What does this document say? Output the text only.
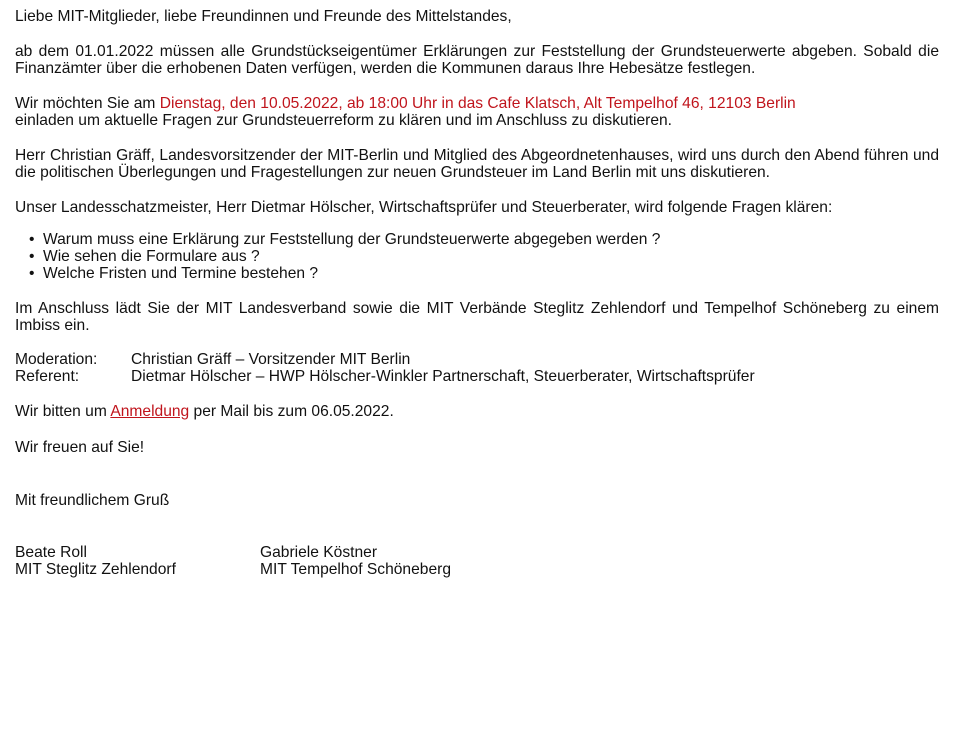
Liebe MIT-Mitglieder, liebe Freundinnen und Freunde des Mittelstandes,

ab dem 01.01.2022 müssen alle Grundstückseigentümer Erklärungen zur Feststellung der Grundsteuerwerte abgeben. Sobald die Finanzämter über die erhobenen Daten verfügen, werden die Kommunen daraus Ihre Hebesätze festlegen.

Wir möchten Sie am Dienstag, den 10.05.2022, ab 18:00 Uhr in das Cafe Klatsch, Alt Tempelhof 46, 12103 Berlin
einladen um aktuelle Fragen zur Grundsteuerreform zu klären und im Anschluss zu diskutieren.

Herr Christian Gräff, Landesvorsitzender der MIT-Berlin und Mitglied des Abgeordnetenhauses, wird uns durch den Abend führen und die politischen Überlegungen und Fragestellungen zur neuen Grundsteuer im Land Berlin mit uns diskutieren.

Unser Landesschatzmeister, Herr Dietmar Hölscher, Wirtschaftsprüfer und Steuerberater, wird folgende Fragen klären:

• Warum muss eine Erklärung zur Feststellung der Grundsteuerwerte abgegeben werden ?
• Wie sehen die Formulare aus ?
• Welche Fristen und Termine bestehen ?

Im Anschluss lädt Sie der MIT Landesverband sowie die MIT Verbände Steglitz Zehlendorf und Tempelhof Schöneberg zu einem Imbiss ein.

Moderation:	Christian Gräff – Vorsitzender MIT Berlin
Referent:	Dietmar Hölscher – HWP Hölscher-Winkler Partnerschaft, Steuerberater, Wirtschaftsprüfer

Wir bitten um Anmeldung per Mail bis zum 06.05.2022.

Wir freuen auf Sie!

Mit freundlichem Gruß

Beate Roll	Gabriele Köstner
MIT Steglitz Zehlendorf	MIT Tempelhof Schöneberg
